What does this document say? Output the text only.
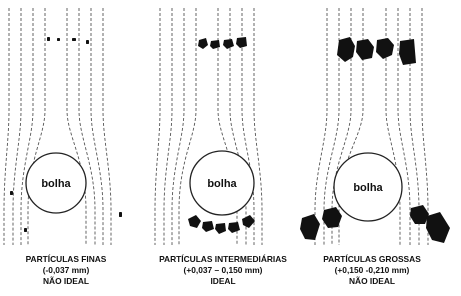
bolha	bolha	bolha
PARTÍCULAS FINAS
(-0,037 mm)
NÃO IDEAL
PARTÍCULAS INTERMEDIÁRIAS
(+0,037 – 0,150 mm)
IDEAL
PARTÍCULAS GROSSAS
(+0,150 -0,210 mm)
NÃO IDEAL
